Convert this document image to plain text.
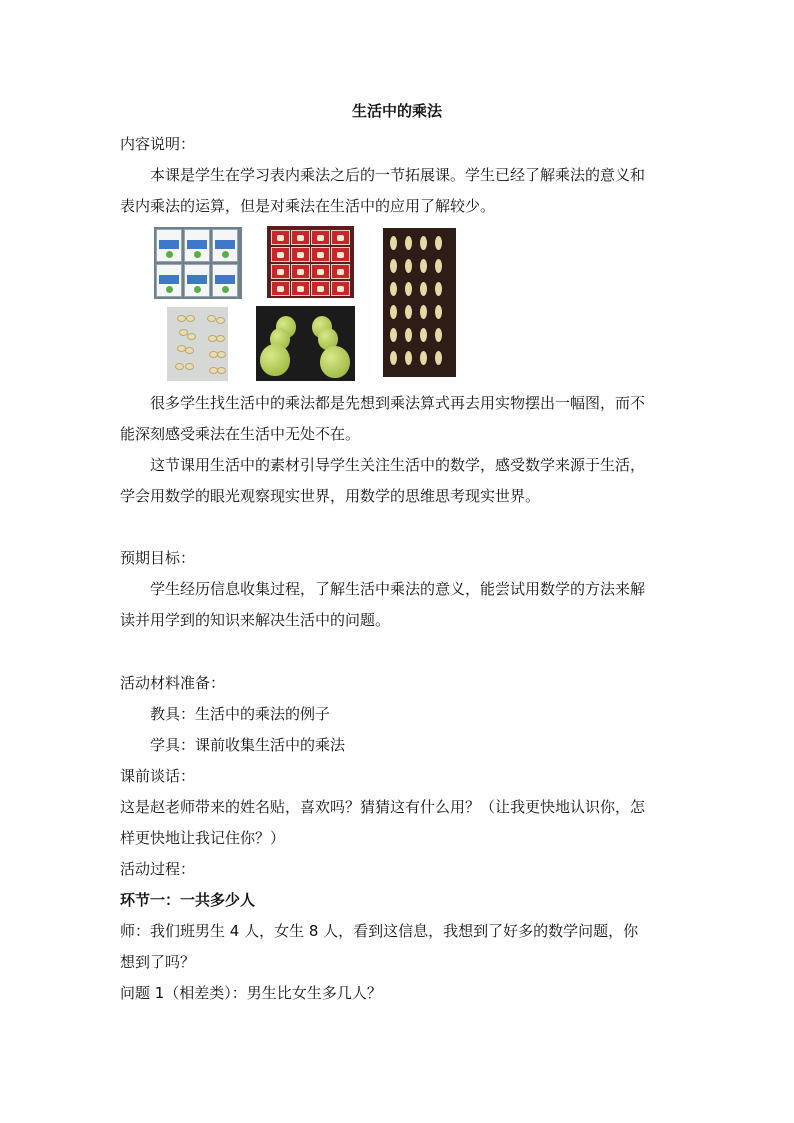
生活中的乘法
内容说明：
本课是学生在学习表内乘法之后的一节拓展课。学生已经了解乘法的意义和
表内乘法的运算，但是对乘法在生活中的应用了解较少。
很多学生找生活中的乘法都是先想到乘法算式再去用实物摆出一幅图，而不
能深刻感受乘法在生活中无处不在。
这节课用生活中的素材引导学生关注生活中的数学，感受数学来源于生活，
学会用数学的眼光观察现实世界，用数学的思维思考现实世界。
预期目标：
学生经历信息收集过程，了解生活中乘法的意义，能尝试用数学的方法来解
读并用学到的知识来解决生活中的问题。
活动材料准备：
教具：生活中的乘法的例子
学具：课前收集生活中的乘法
课前谈话：
这是赵老师带来的姓名贴，喜欢吗？猜猜这有什么用？（让我更快地认识你，怎
样更快地让我记住你？）
活动过程：
环节一：一共多少人
师：我们班男生 4 人，女生 8 人，看到这信息，我想到了好多的数学问题，你
想到了吗？
问题 1（相差类）：男生比女生多几人？
